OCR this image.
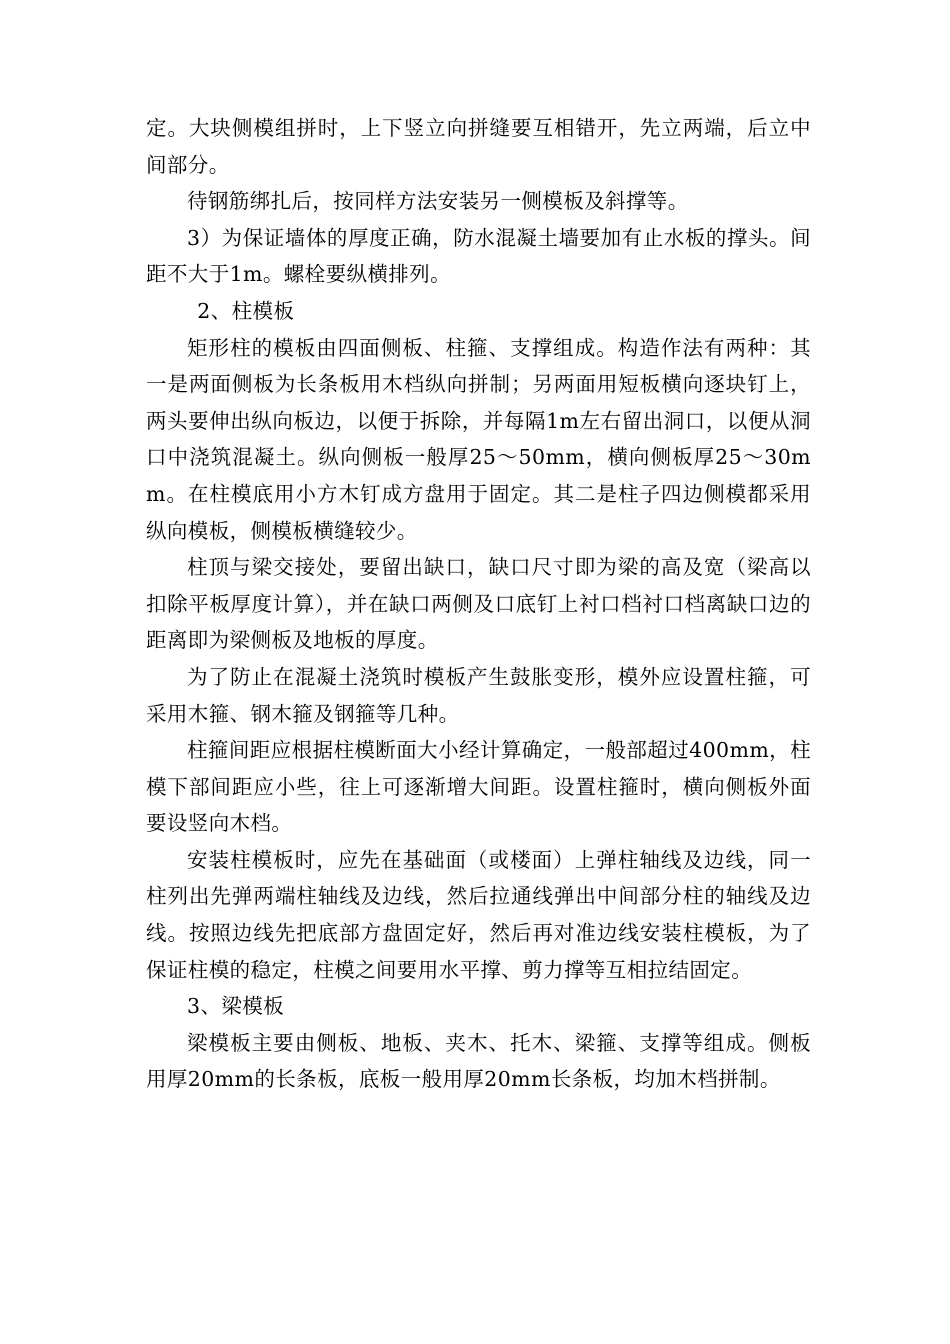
定。大块侧模组拼时，上下竖立向拼缝要互相错开，先立两端，后立中间部分。

待钢筋绑扎后，按同样方法安装另一侧模板及斜撑等。

3）为保证墙体的厚度正确，防水混凝土墙要加有止水板的撑头。间距不大于1m。螺栓要纵横排列。

2、柱模板

矩形柱的模板由四面侧板、柱箍、支撑组成。构造作法有两种：其一是两面侧板为长条板用木档纵向拼制；另两面用短板横向逐块钉上，两头要伸出纵向板边，以便于拆除，并每隔1m左右留出洞口，以便从洞口中浇筑混凝土。纵向侧板一般厚25～50mm，横向侧板厚25～30mm。在柱模底用小方木钉成方盘用于固定。其二是柱子四边侧模都采用纵向模板，侧模板横缝较少。

柱顶与梁交接处，要留出缺口，缺口尺寸即为梁的高及宽（梁高以扣除平板厚度计算），并在缺口两侧及口底钉上衬口档衬口档离缺口边的距离即为梁侧板及地板的厚度。

为了防止在混凝土浇筑时模板产生鼓胀变形，模外应设置柱箍，可采用木箍、钢木箍及钢箍等几种。

柱箍间距应根据柱模断面大小经计算确定，一般部超过400mm，柱模下部间距应小些，往上可逐渐增大间距。设置柱箍时，横向侧板外面要设竖向木档。

安装柱模板时，应先在基础面（或楼面）上弹柱轴线及边线，同一柱列出先弹两端柱轴线及边线，然后拉通线弹出中间部分柱的轴线及边线。按照边线先把底部方盘固定好，然后再对准边线安装柱模板，为了保证柱模的稳定，柱模之间要用水平撑、剪力撑等互相拉结固定。

3、梁模板

梁模板主要由侧板、地板、夹木、托木、梁箍、支撑等组成。侧板用厚20mm的长条板，底板一般用厚20mm长条板，均加木档拼制。
